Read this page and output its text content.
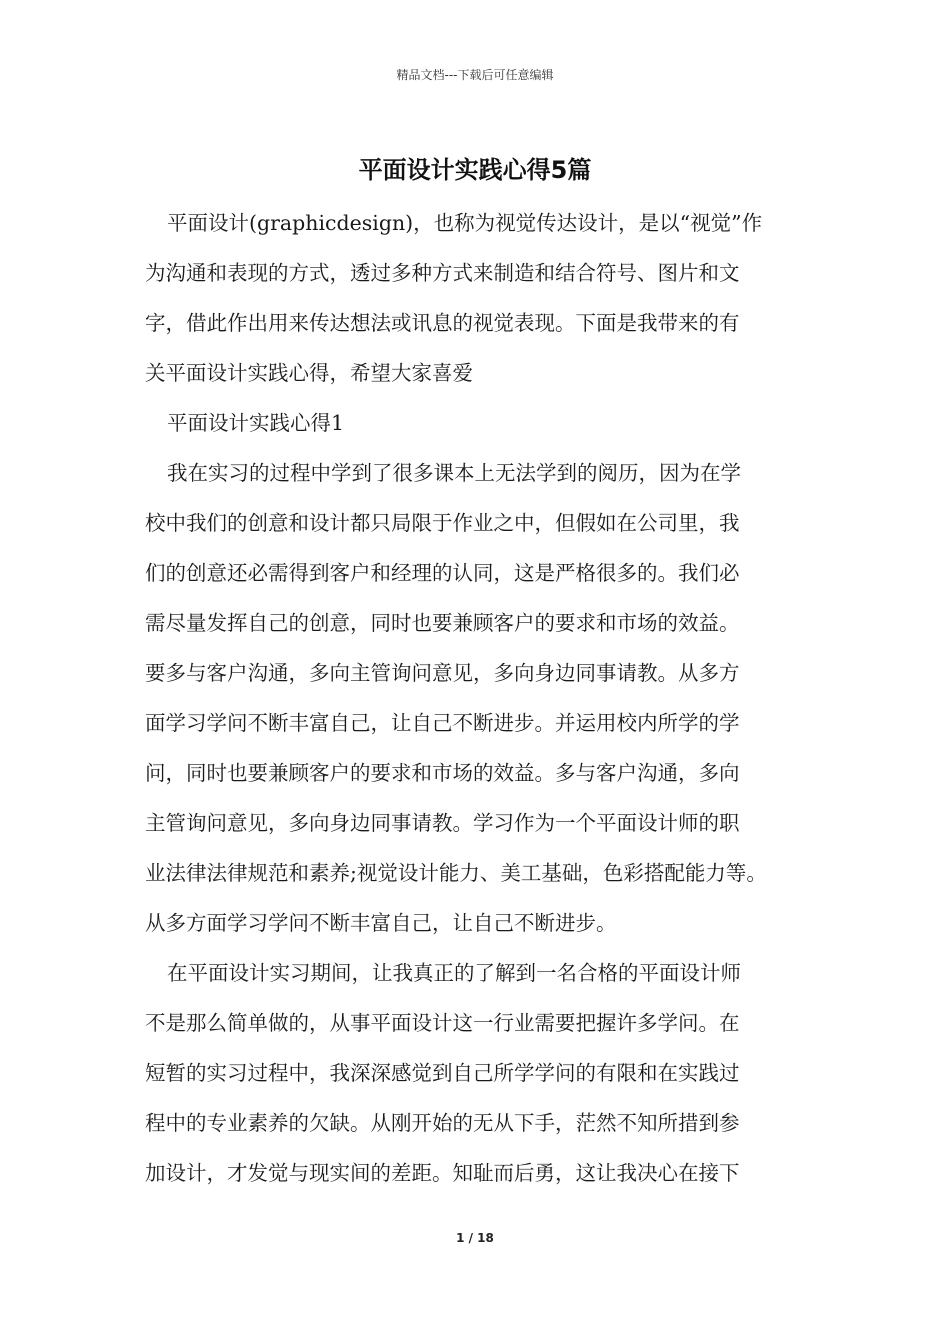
精品文档---下载后可任意编辑
平面设计实践心得5篇
平面设计(graphicdesign)，也称为视觉传达设计，是以“视觉”作
为沟通和表现的方式，透过多种方式来制造和结合符号、图片和文
字，借此作出用来传达想法或讯息的视觉表现。下面是我带来的有
关平面设计实践心得，希望大家喜爱
平面设计实践心得1
我在实习的过程中学到了很多课本上无法学到的阅历，因为在学
校中我们的创意和设计都只局限于作业之中，但假如在公司里，我
们的创意还必需得到客户和经理的认同，这是严格很多的。我们必
需尽量发挥自己的创意，同时也要兼顾客户的要求和市场的效益。
要多与客户沟通，多向主管询问意见，多向身边同事请教。从多方
面学习学问不断丰富自己，让自己不断进步。并运用校内所学的学
问，同时也要兼顾客户的要求和市场的效益。多与客户沟通，多向
主管询问意见，多向身边同事请教。学习作为一个平面设计师的职
业法律法律规范和素养;视觉设计能力、美工基础，色彩搭配能力等。
从多方面学习学问不断丰富自己，让自己不断进步。
在平面设计实习期间，让我真正的了解到一名合格的平面设计师
不是那么简单做的，从事平面设计这一行业需要把握许多学问。在
短暂的实习过程中，我深深感觉到自己所学学问的有限和在实践过
程中的专业素养的欠缺。从刚开始的无从下手，茫然不知所措到参
加设计，才发觉与现实间的差距。知耻而后勇，这让我决心在接下
1 / 18
